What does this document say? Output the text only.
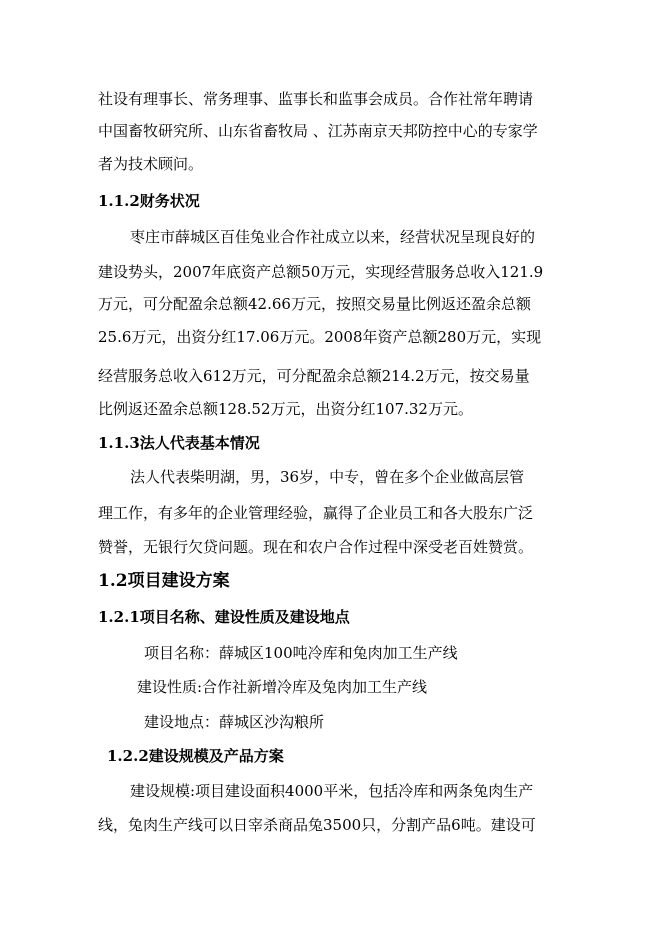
社设有理事长、常务理事、监事长和监事会成员。合作社常年聘请
中国畜牧研究所、山东省畜牧局 、江苏南京天邦防控中心的专家学
者为技术顾问。
1.1.2财务状况
枣庄市薛城区百佳兔业合作社成立以来，经营状况呈现良好的
建设势头，2007年底资产总额50万元，实现经营服务总收入121.9
万元，可分配盈余总额42.66万元，按照交易量比例返还盈余总额
25.6万元，出资分红17.06万元。2008年资产总额280万元，实现
经营服务总收入612万元，可分配盈余总额214.2万元，按交易量
比例返还盈余总额128.52万元，出资分红107.32万元。
1.1.3法人代表基本情况
法人代表柴明湖，男，36岁，中专，曾在多个企业做高层管
理工作，有多年的企业管理经验，赢得了企业员工和各大股东广泛
赞誉，无银行欠贷问题。现在和农户合作过程中深受老百姓赞赏。
1.2项目建设方案
1.2.1项目名称、建设性质及建设地点
项目名称：薛城区100吨冷库和兔肉加工生产线
建设性质:合作社新增冷库及兔肉加工生产线
建设地点：薛城区沙沟粮所
1.2.2建设规模及产品方案
建设规模:项目建设面积4000平米，包括冷库和两条兔肉生产
线，兔肉生产线可以日宰杀商品兔3500只，分割产品6吨。建设可
